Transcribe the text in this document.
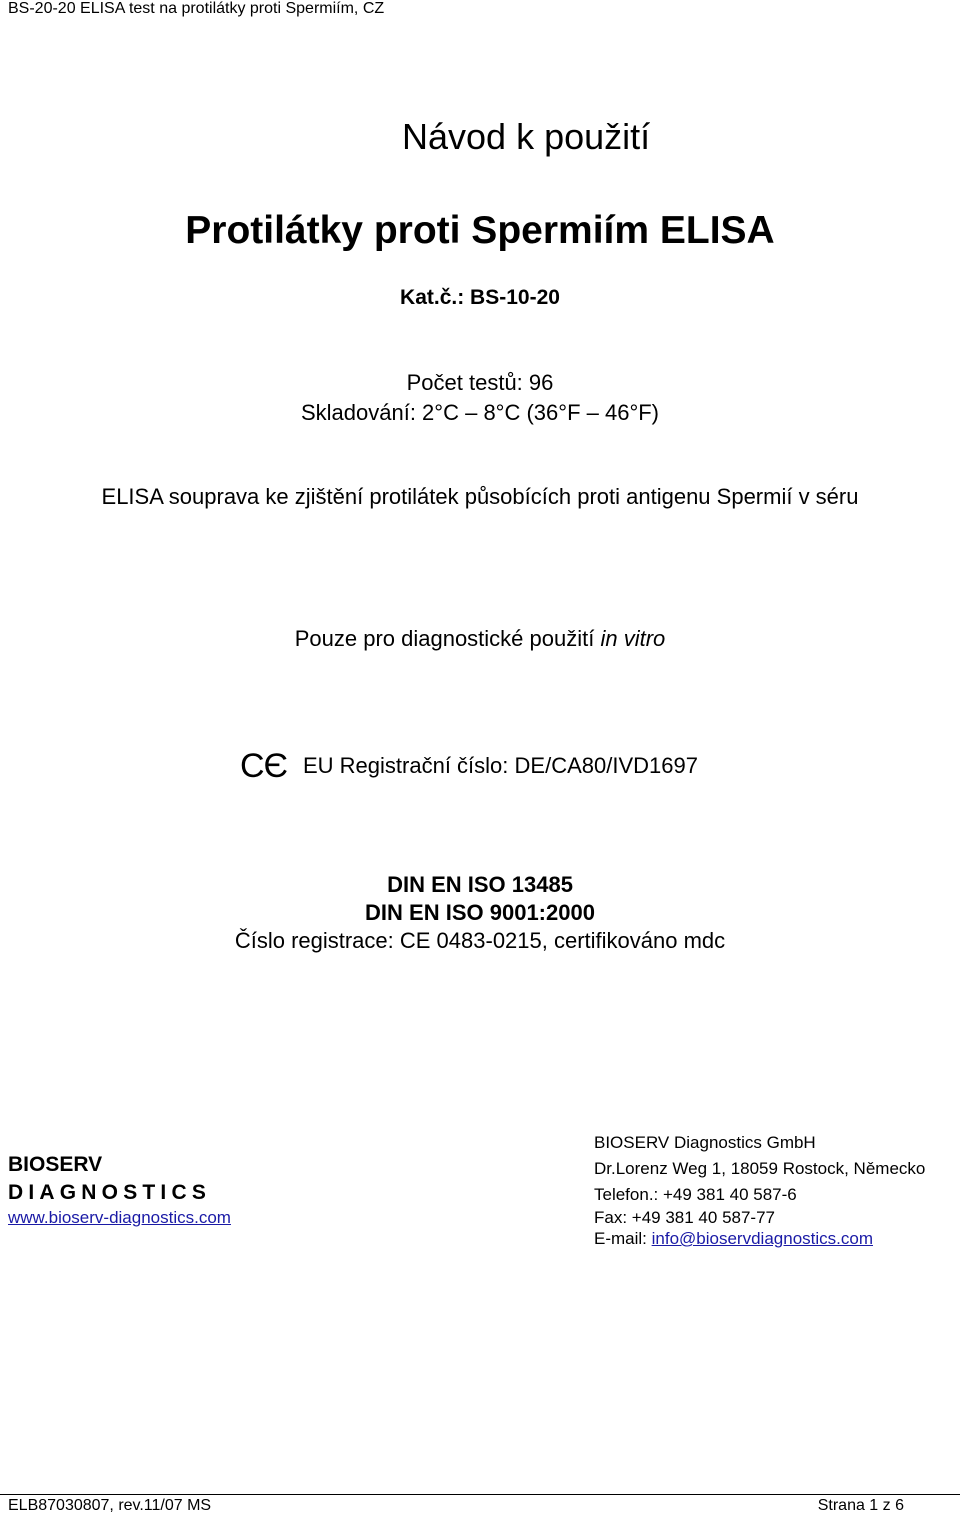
BS-20-20 ELISA test na protilátky proti Spermiím, CZ
Návod k použití
Protilátky proti Spermiím ELISA
Kat.č.: BS-10-20
Počet testů: 96
Skladování: 2°C – 8°C (36°F – 46°F)
ELISA souprava ke zjištění protilátek působících proti antigenu Spermií v séru
Pouze pro diagnostické použití in vitro
CЄ EU Registrační číslo: DE/CA80/IVD1697
DIN EN ISO 13485
DIN EN ISO 9001:2000
Číslo registrace: CE 0483-0215, certifikováno mdc
BIOSERV
DIAGNOSTICS
www.bioserv-diagnostics.com
BIOSERV Diagnostics GmbH
Dr.Lorenz Weg 1, 18059 Rostock, Německo
Telefon.: +49 381 40 587-6
Fax: +49 381 40 587-77
E-mail: info@bioservdiagnostics.com
ELB87030807, rev.11/07 MS	Strana 1 z 6
